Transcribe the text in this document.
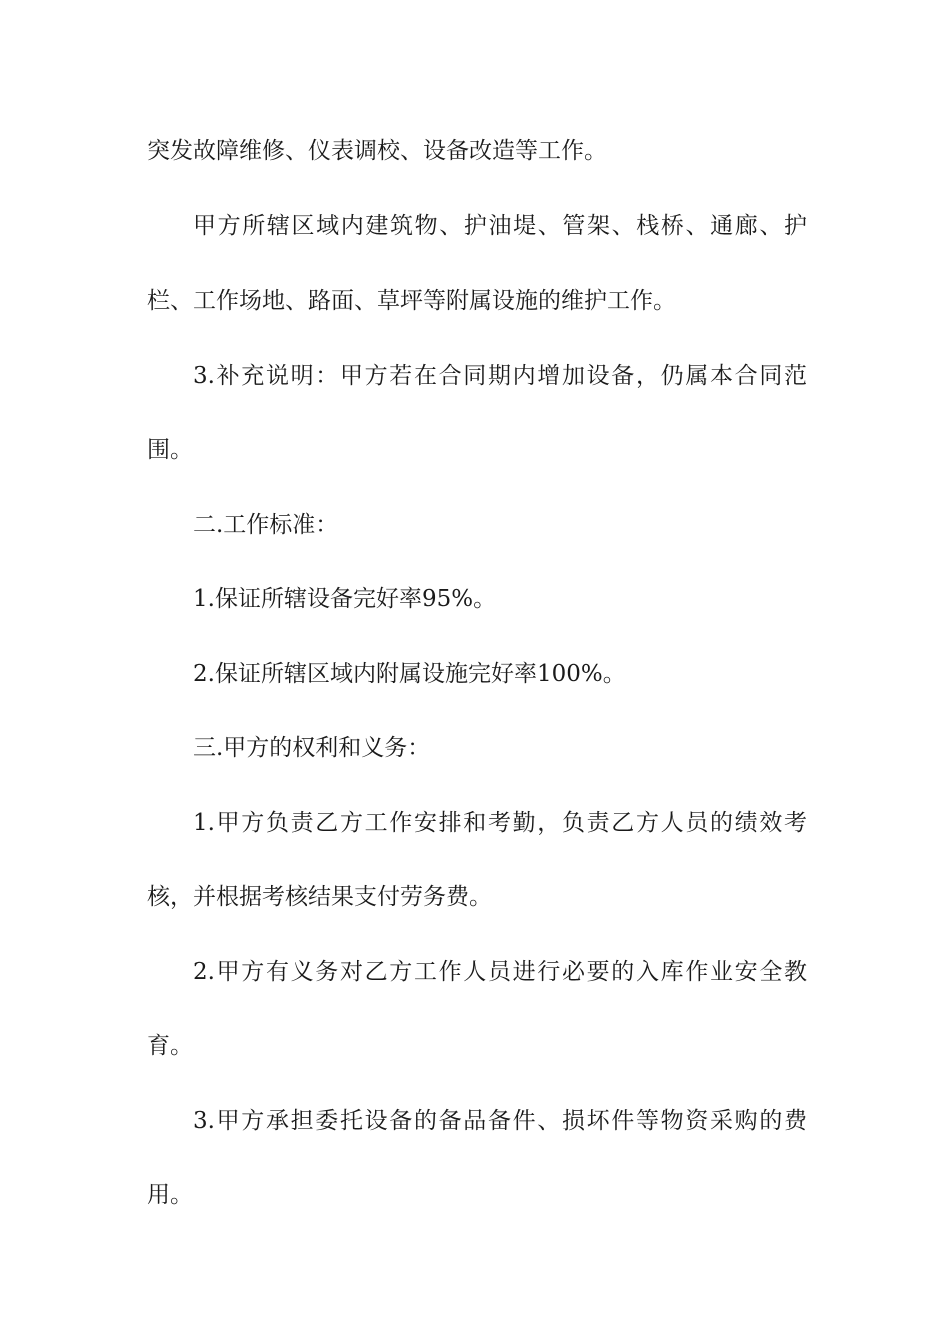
突发故障维修、仪表调校、设备改造等工作。

甲方所辖区域内建筑物、护油堤、管架、栈桥、通廊、护

栏、工作场地、路面、草坪等附属设施的维护工作。

3.补充说明：甲方若在合同期内增加设备，仍属本合同范

围。

二.工作标准：

1.保证所辖设备完好率95%。

2.保证所辖区域内附属设施完好率100%。

三.甲方的权利和义务：

1.甲方负责乙方工作安排和考勤，负责乙方人员的绩效考

核，并根据考核结果支付劳务费。

2.甲方有义务对乙方工作人员进行必要的入库作业安全教

育。

3.甲方承担委托设备的备品备件、损坏件等物资采购的费

用。
